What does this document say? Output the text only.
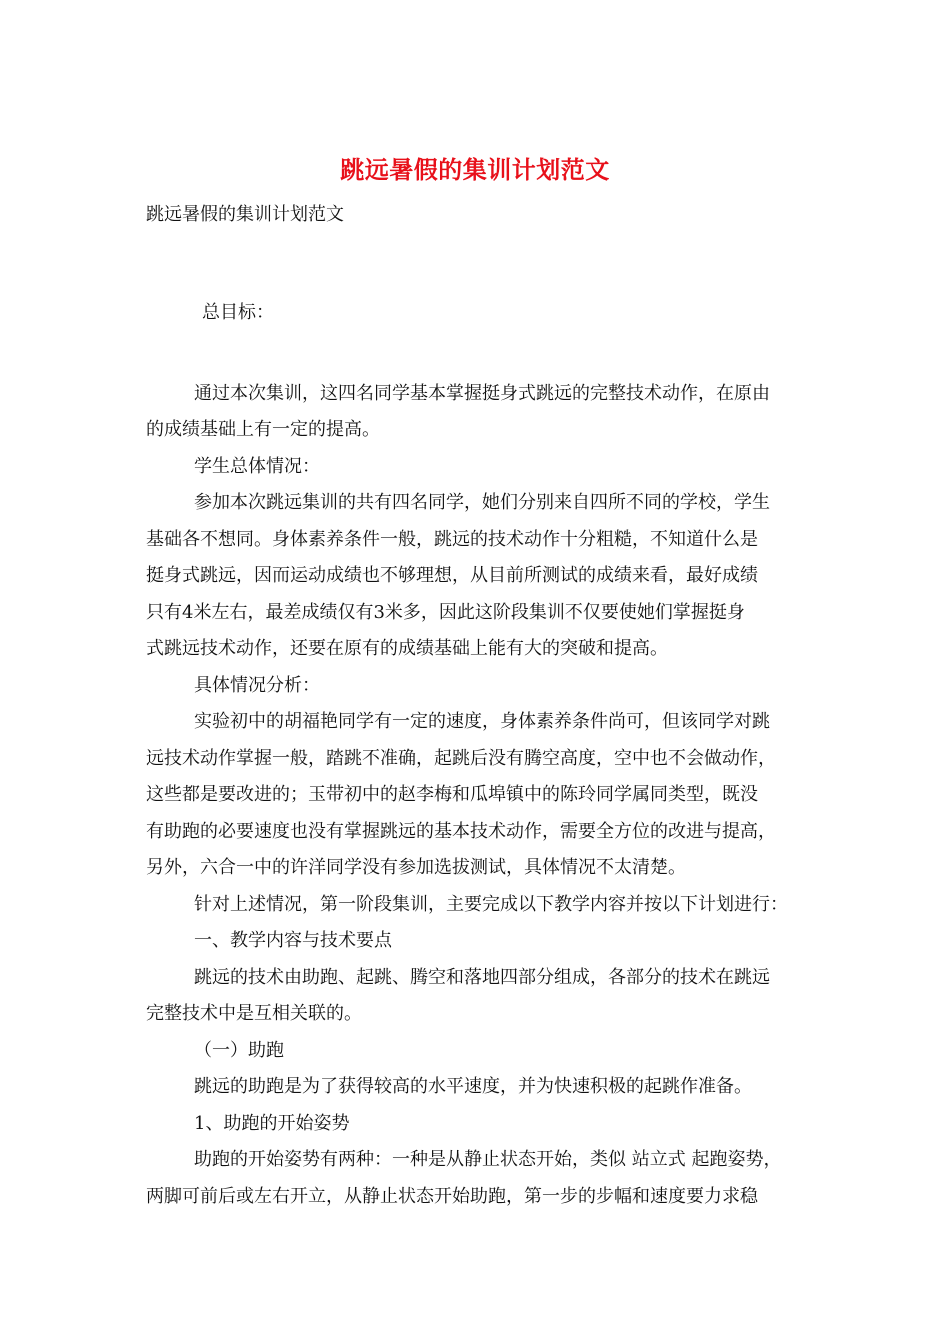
跳远暑假的集训计划范文
跳远暑假的集训计划范文
总目标：
通过本次集训，这四名同学基本掌握挺身式跳远的完整技术动作，在原由
的成绩基础上有一定的提高。
学生总体情况：
参加本次跳远集训的共有四名同学，她们分别来自四所不同的学校，学生
基础各不想同。身体素养条件一般，跳远的技术动作十分粗糙，不知道什么是
挺身式跳远，因而运动成绩也不够理想，从目前所测试的成绩来看，最好成绩
只有4米左右，最差成绩仅有3米多，因此这阶段集训不仅要使她们掌握挺身
式跳远技术动作，还要在原有的成绩基础上能有大的突破和提高。
具体情况分析：
实验初中的胡福艳同学有一定的速度，身体素养条件尚可，但该同学对跳
远技术动作掌握一般，踏跳不准确，起跳后没有腾空高度，空中也不会做动作，
这些都是要改进的；玉带初中的赵李梅和瓜埠镇中的陈玲同学属同类型，既没
有助跑的必要速度也没有掌握跳远的基本技术动作，需要全方位的改进与提高，
另外，六合一中的许洋同学没有参加选拔测试，具体情况不太清楚。
针对上述情况，第一阶段集训，主要完成以下教学内容并按以下计划进行：
一、教学内容与技术要点
跳远的技术由助跑、起跳、腾空和落地四部分组成，各部分的技术在跳远
完整技术中是互相关联的。
（一）助跑
跳远的助跑是为了获得较高的水平速度，并为快速积极的起跳作准备。
1、助跑的开始姿势
助跑的开始姿势有两种：一种是从静止状态开始，类似 站立式 起跑姿势，
两脚可前后或左右开立，从静止状态开始助跑，第一步的步幅和速度要力求稳
